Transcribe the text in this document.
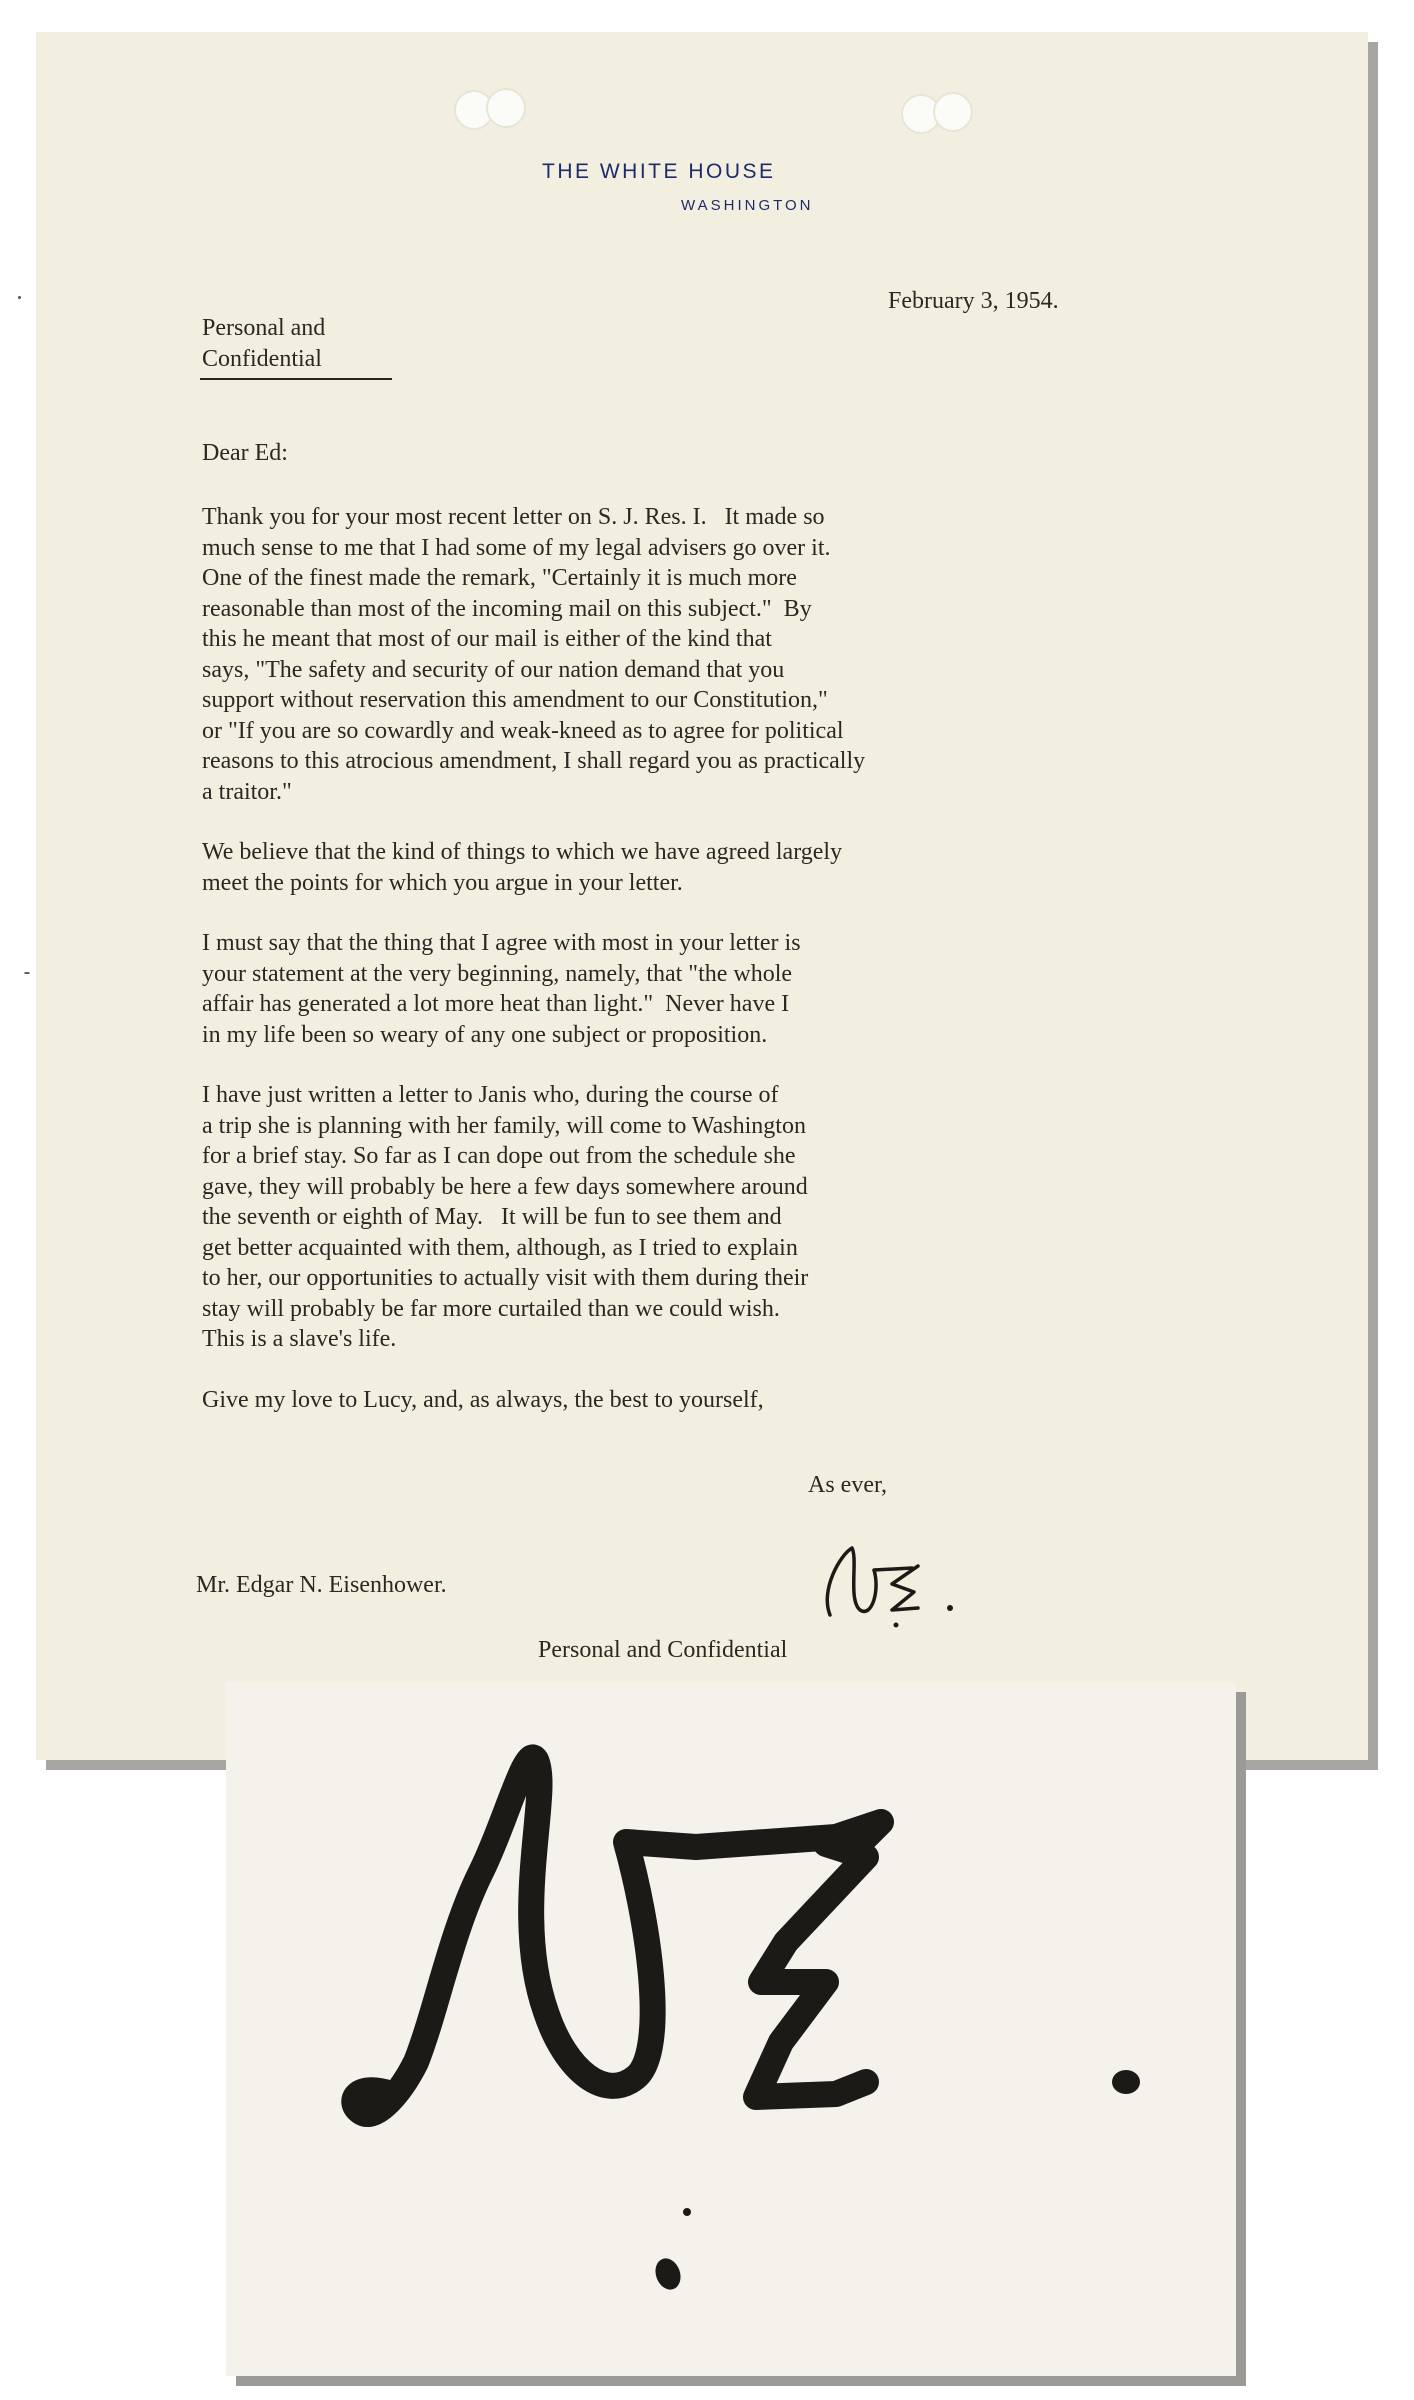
THE WHITE HOUSE
WASHINGTON
February 3, 1954.
Personal and
Confidential
Dear Ed:

Thank you for your most recent letter on S. J. Res. I.   It made so
much sense to me that I had some of my legal advisers go over it.
One of the finest made the remark, "Certainly it is much more
reasonable than most of the incoming mail on this subject."  By
this he meant that most of our mail is either of the kind that
says, "The safety and security of our nation demand that you
support without reservation this amendment to our Constitution,"
or "If you are so cowardly and weak-kneed as to agree for political
reasons to this atrocious amendment, I shall regard you as practically
a traitor."

We believe that the kind of things to which we have agreed largely
meet the points for which you argue in your letter.

I must say that the thing that I agree with most in your letter is
your statement at the very beginning, namely, that "the whole
affair has generated a lot more heat than light."  Never have I
in my life been so weary of any one subject or proposition.

I have just written a letter to Janis who, during the course of
a trip she is planning with her family, will come to Washington
for a brief stay. So far as I can dope out from the schedule she
gave, they will probably be here a few days somewhere around
the seventh or eighth of May.   It will be fun to see them and
get better acquainted with them, although, as I tried to explain
to her, our opportunities to actually visit with them during their
stay will probably be far more curtailed than we could wish.
This is a slave's life.

Give my love to Lucy, and, as always, the best to yourself,

As ever,
Mr. Edgar N. Eisenhower.
Personal and Confidential
